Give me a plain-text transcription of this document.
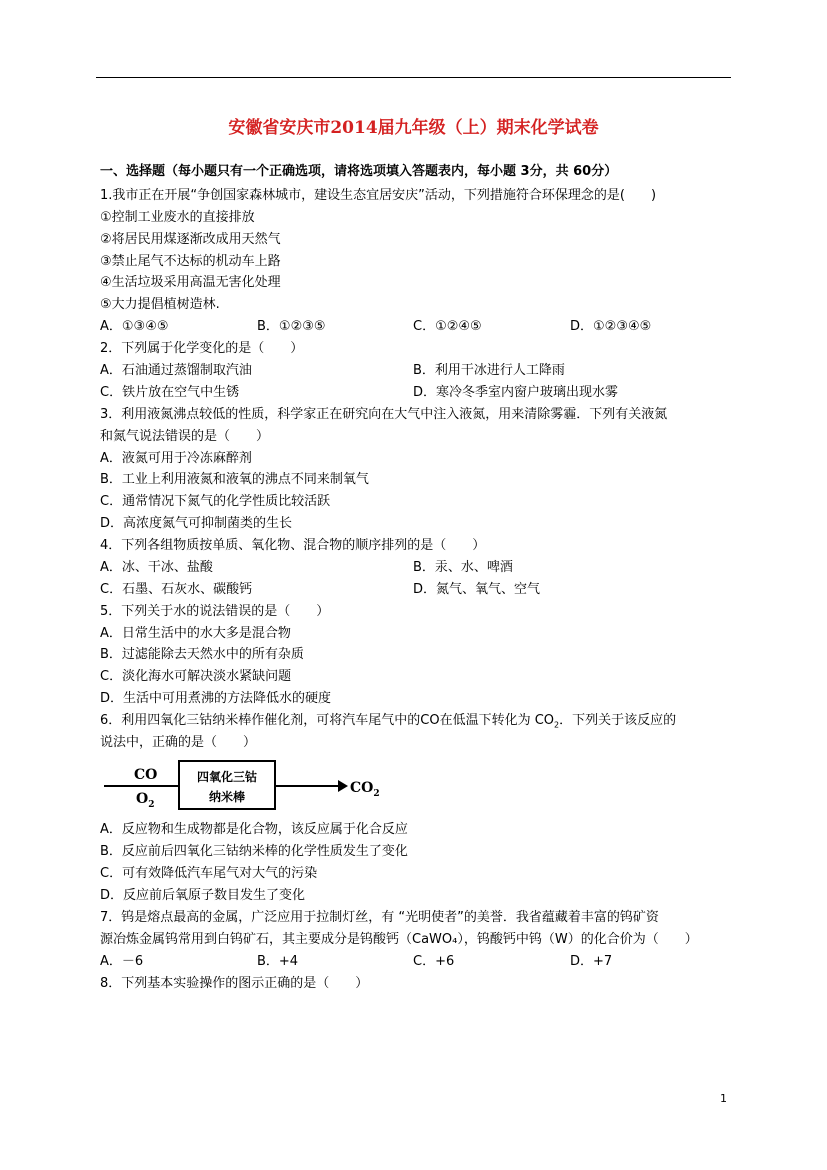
安徽省安庆市2014届九年级（上）期末化学试卷
一、选择题（每小题只有一个正确选项，请将选项填入答题表内，每小题 3分，共 60分）
1.我市正在开展“争创国家森林城市，建设生态宜居安庆”活动，下列措施符合环保理念的是(　　)
①控制工业废水的直接排放
②将居民用煤逐渐改成用天然气
③禁止尾气不达标的机动车上路
④生活垃圾采用高温无害化处理
⑤大力提倡植树造林.
A．①③④⑤	B．①②③⑤	C．①②④⑤	D．①②③④⑤
2．下列属于化学变化的是（　　）
A．石油通过蒸馏制取汽油	B．利用干冰进行人工降雨
C．铁片放在空气中生锈	D．寒冷冬季室内窗户玻璃出现水雾
3．利用液氮沸点较低的性质，科学家正在研究向在大气中注入液氮，用来清除雾霾．下列有关液氮
和氮气说法错误的是（　　）
A．液氮可用于冷冻麻醉剂
B．工业上利用液氮和液氧的沸点不同来制氧气
C．通常情况下氮气的化学性质比较活跃
D．高浓度氮气可抑制菌类的生长
4．下列各组物质按单质、氧化物、混合物的顺序排列的是（　　）
A．冰、干冰、盐酸	B．汞、水、啤酒
C．石墨、石灰水、碳酸钙	D．氮气、氧气、空气
5．下列关于水的说法错误的是（　　）
A．日常生活中的水大多是混合物
B．过滤能除去天然水中的所有杂质
C．淡化海水可解决淡水紧缺问题
D．生活中可用煮沸的方法降低水的硬度
6．利用四氧化三钴纳米棒作催化剂，可将汽车尾气中的CO在低温下转化为 $CO_2$．下列关于该反应的
说法中，正确的是（　　）
CO
$O_2$
四氧化三钴
纳米棒
$CO_2$
A．反应物和生成物都是化合物，该反应属于化合反应
B．反应前后四氧化三钴纳米棒的化学性质发生了变化
C．可有效降低汽车尾气对大气的污染
D．反应前后氧原子数目发生了变化
7．钨是熔点最高的金属，广泛应用于拉制灯丝，有 “光明使者”的美誉．我省蕴藏着丰富的钨矿资
源冶炼金属钨常用到白钨矿石，其主要成分是钨酸钙（CaWO₄），钨酸钙中钨（W）的化合价为（　　）
A．－6	B．+4	C．+6	D．+7
8．下列基本实验操作的图示正确的是（　　）
1
